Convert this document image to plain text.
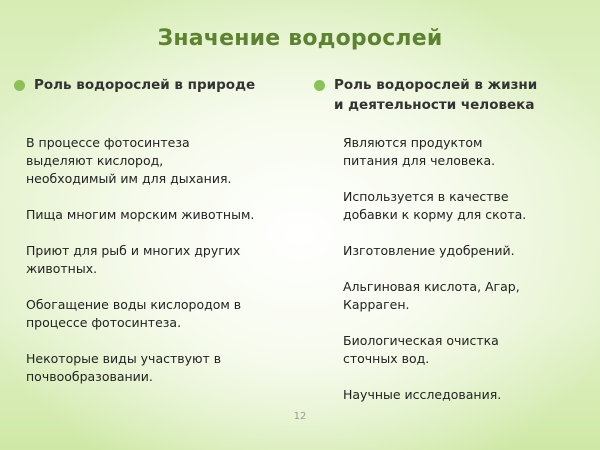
Значение водорослей
Роль водорослей в природе
В процессе фотосинтеза
выделяют кислород,
необходимый им для дыхания.
Пища многим морским животным.
Приют для рыб и многих других
животных.
Обогащение воды кислородом в
процессе фотосинтеза.
Некоторые виды участвуют в
почвообразовании.
Роль водорослей в жизни
и деятельности человека
Являются продуктом
питания для человека.
Используется в качестве
добавки к корму для скота.
Изготовление удобрений.
Альгиновая кислота, Агар,
Карраген.
Биологическая очистка
сточных вод.
Научные исследования.
12
